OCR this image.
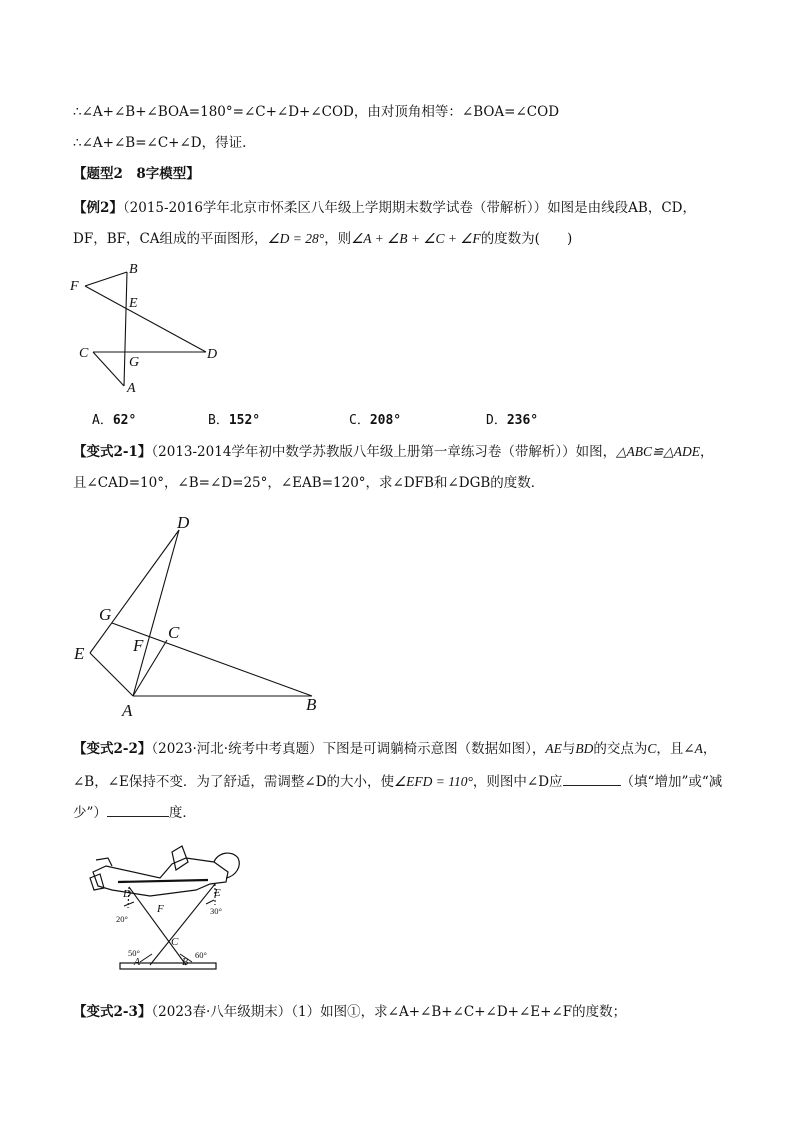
∴∠A+∠B+∠BOA=180°=∠C+∠D+∠COD，由对顶角相等：∠BOA=∠COD
∴∠A+∠B=∠C+∠D，得证.
【题型2　8字模型】
【例2】（2015-2016学年北京市怀柔区八年级上学期期末数学试卷（带解析））如图是由线段AB，CD，
DF，BF，CA组成的平面图形，∠D = 28°，则∠A + ∠B + ∠C + ∠F的度数为(　　)
F
B
E
C
G
D
A
A．62°	B．152°	C．208°	D．236°
【变式2-1】（2013-2014学年初中数学苏教版八年级上册第一章练习卷（带解析））如图，△ABC≌△ADE，
且∠CAD=10°，∠B=∠D=25°，∠EAB=120°，求∠DFB和∠DGB的度数．
D
G
C
E	F
A	B
【变式2-2】（2023·河北·统考中考真题）下图是可调躺椅示意图（数据如图），AE与BD的交点为C，且∠A，
∠B，∠E保持不变．为了舒适，需调整∠D的大小，使∠EFD = 110°，则图中∠D应	（填“增加”或“减
少”）	度．
D	E
F
C
A	B
20°
30°
50°	60°
【变式2-3】（2023春·八年级期末）（1）如图①，求∠A+∠B+∠C+∠D+∠E+∠F的度数；
